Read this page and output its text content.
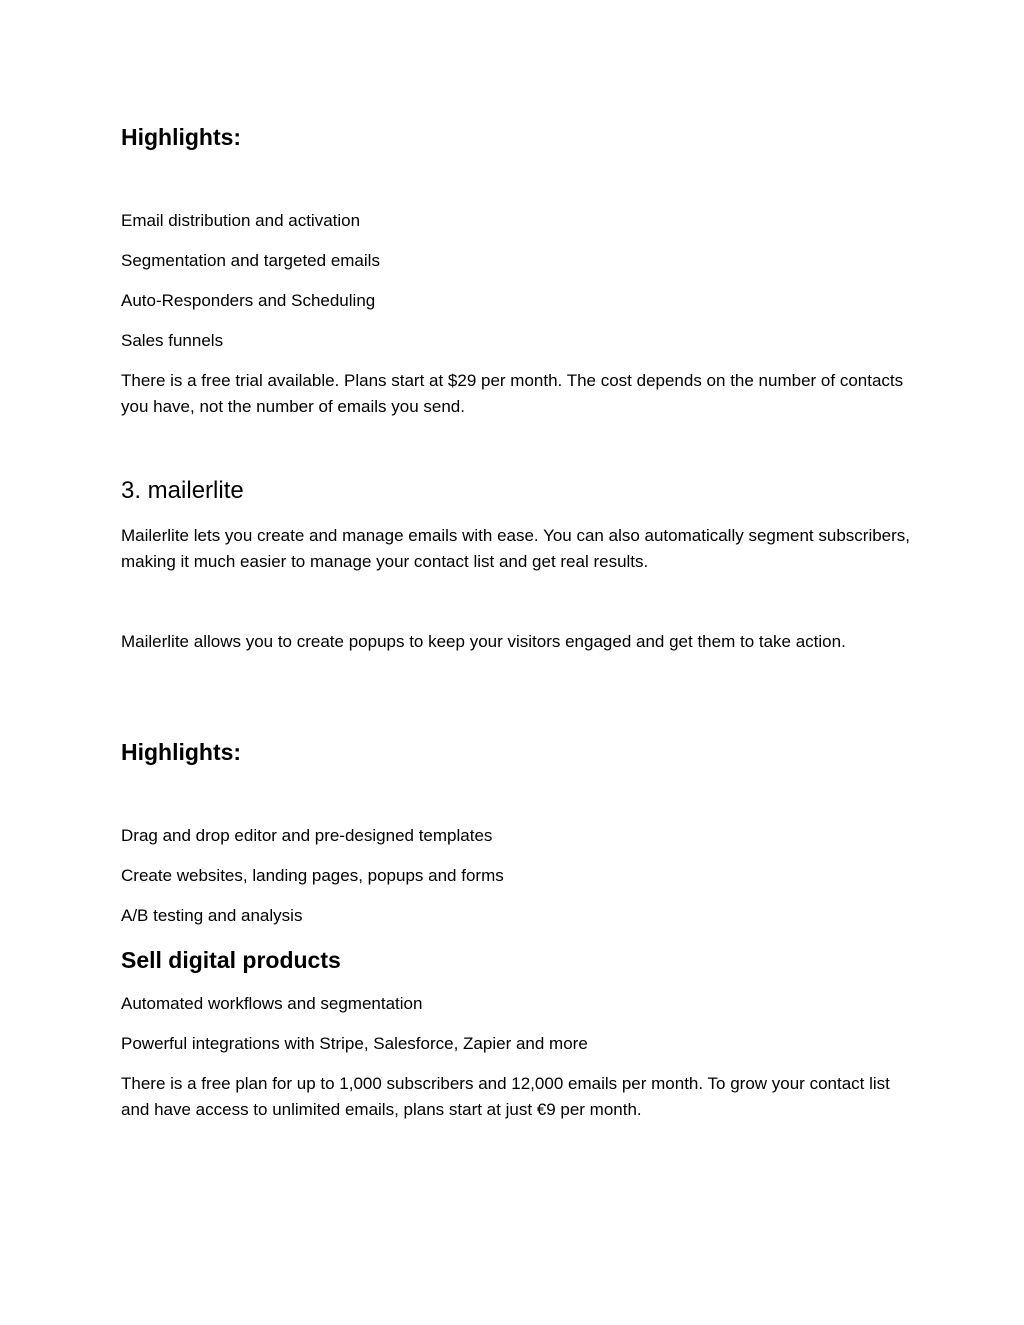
Highlights:

Email distribution and activation

Segmentation and targeted emails

Auto-Responders and Scheduling

Sales funnels

There is a free trial available. Plans start at $29 per month. The cost depends on the number of contacts you have, not the number of emails you send.

3. mailerlite

Mailerlite lets you create and manage emails with ease. You can also automatically segment subscribers, making it much easier to manage your contact list and get real results.

Mailerlite allows you to create popups to keep your visitors engaged and get them to take action.

Highlights:

Drag and drop editor and pre-designed templates

Create websites, landing pages, popups and forms

A/B testing and analysis

Sell digital products

Automated workflows and segmentation

Powerful integrations with Stripe, Salesforce, Zapier and more

There is a free plan for up to 1,000 subscribers and 12,000 emails per month. To grow your contact list and have access to unlimited emails, plans start at just €9 per month.
